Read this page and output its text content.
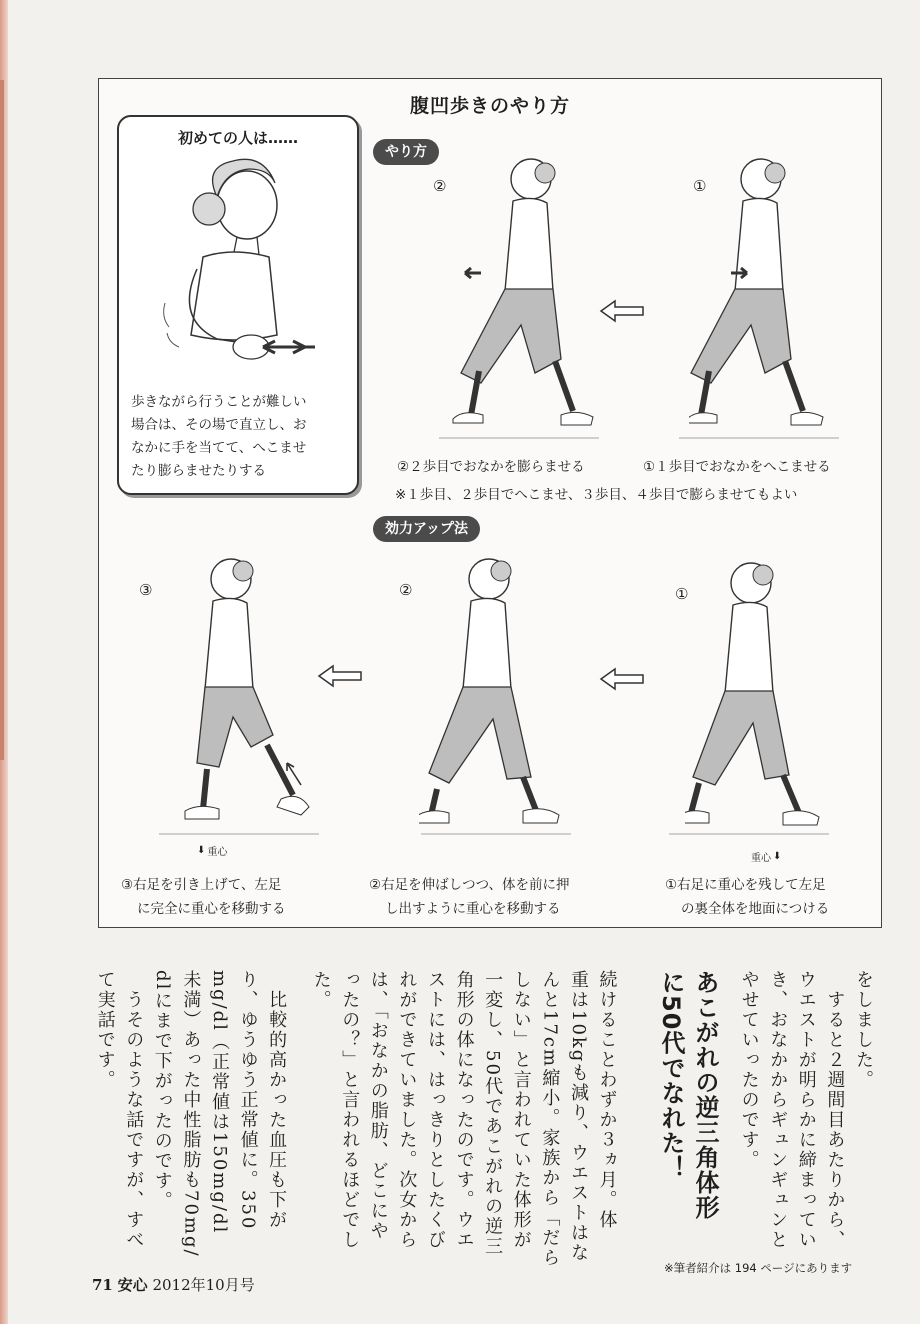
腹凹歩きのやり方
初めての人は……
歩きながら行うことが難しい
場合は、その場で直立し、お
なかに手を当てて、へこませ
たり膨らませたりする
やり方
②	①
②２歩目でおなかを膨らませる	①１歩目でおなかをへこませる
※１歩目、２歩目でへこませ、３歩目、４歩目で膨らませてもよい
効力アップ法
③	②	①
⬇ 重心
重心 ⬇
③右足を引き上げて、左足
に完全に重心を移動する
②右足を伸ばしつつ、体を前に押
し出すように重心を移動する
①右足に重心を残して左足
の裏全体を地面につける
をしました。
　すると２週間目あたりから、
ウエストが明らかに締まってい
き、おなかからギュンギュンと
やせていったのです。
あこがれの逆三角体形
に50代でなれた！
続けることわずか３ヵ月。体
重は10kgも減り、ウエストはな
んと17cm縮小。家族から「だら
しない」と言われていた体形が
一変し、50代であこがれの逆三
角形の体になったのです。ウエ
ストには、はっきりとしたくび
れができていました。次女から
は、「おなかの脂肪、どこにや
ったの？」と言われるほどでし
た。
　比較的高かった血圧も下が
り、ゆうゆう正常値に。350
mg/dl（正常値は150mg/dl
未満）あった中性脂肪も70mg/
dlにまで下がったのです。
　うそのような話ですが、すべ
て実話です。
※筆者紹介は 194 ページにあります
71 安心 2012年10月号
